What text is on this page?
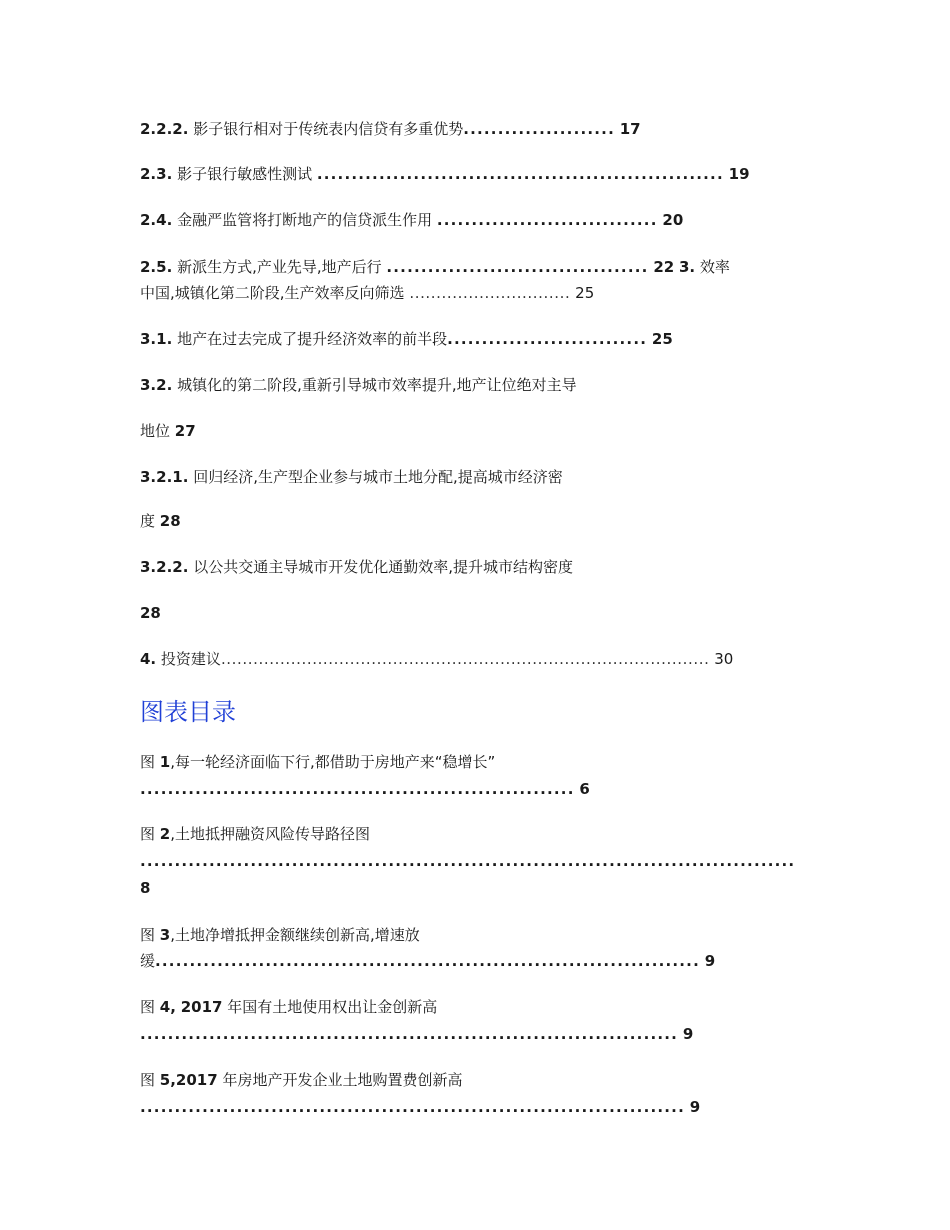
2.2.2. 影子银行相对于传统表内信贷有多重优势...................... 17
2.3. 影子银行敏感性测试 ........................................................... 19
2.4. 金融严监管将打断地产的信贷派生作用 ................................ 20
2.5. 新派生方式,产业先导,地产后行 ...................................... 22 3. 效率
中国,城镇化第二阶段,生产效率反向筛选 .............................. 25
3.1. 地产在过去完成了提升经济效率的前半段............................. 25
3.2. 城镇化的第二阶段,重新引导城市效率提升,地产让位绝对主导
地位 27
3.2.1. 回归经济,生产型企业参与城市土地分配,提高城市经济密
度 28
3.2.2. 以公共交通主导城市开发优化通勤效率,提升城市结构密度
28
4. 投资建议........................................................................................... 30
图表目录
图 1,每一轮经济面临下行,都借助于房地产来“稳增长”
............................................................... 6
图 2,土地抵押融资风险传导路径图
...............................................................................................
8
图 3,土地净增抵押金额继续创新高,增速放
缓............................................................................... 9
图 4, 2017 年国有土地使用权出让金创新高
.............................................................................. 9
图 5,2017 年房地产开发企业土地购置费创新高
............................................................................... 9
